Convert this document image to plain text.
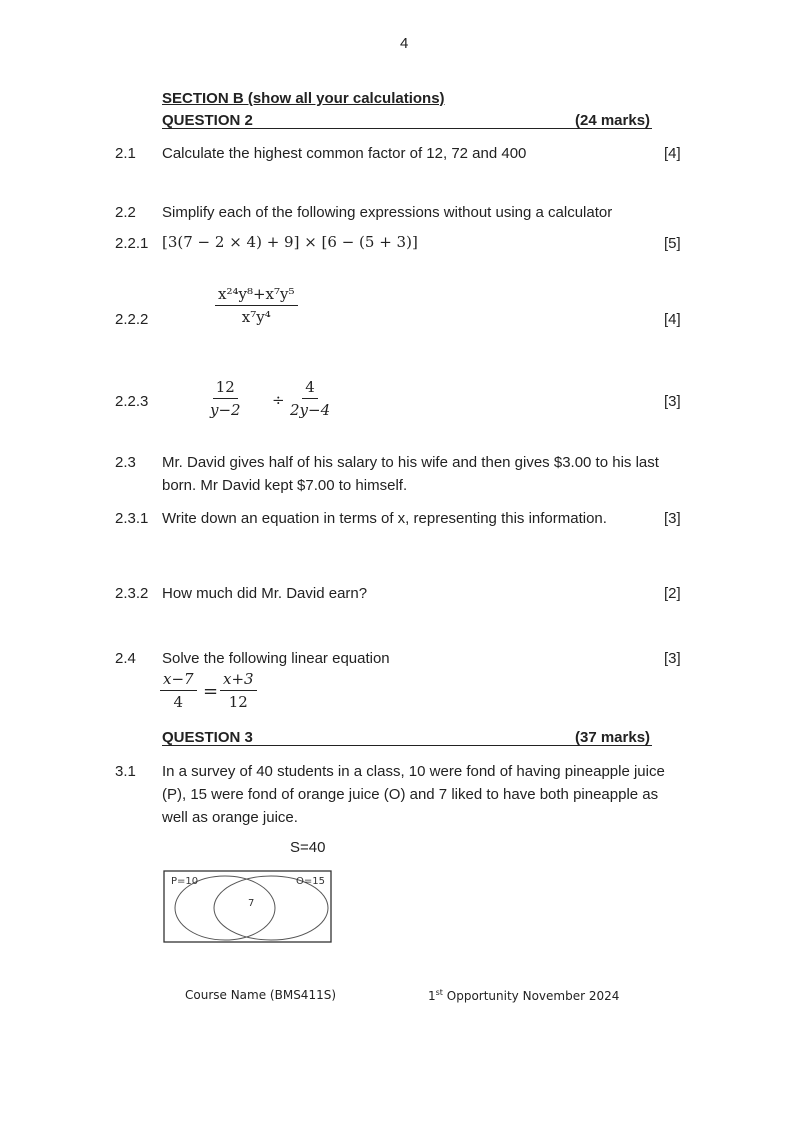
4
SECTION B (show all your calculations)
QUESTION 2	(24 marks)
2.1 Calculate the highest common factor of 12, 72 and 400	[4]
2.2 Simplify each of the following expressions without using a calculator
2.2.1 [3(7 − 2 × 4) + 9] × [6 − (5 + 3)]	[5]
2.2.2	$\frac{\text{x²⁴y⁸+x⁷y⁵}}{\text{x⁷y⁴}}$	[4]
2.2.3	$\frac{12}{y-2} \div \frac{4}{2y-4}$	[3]
2.3 Mr. David gives half of his salary to his wife and then gives $3.00 to his last
born. Mr David kept $7.00 to himself.
2.3.1 Write down an equation in terms of x, representing this information.	[3]
2.3.2 How much did Mr. David earn?	[2]
2.4 Solve the following linear equation	[3]
$\frac{x-7}{4} = \frac{x+3}{12}$
QUESTION 3	(37 marks)
3.1 In a survey of 40 students in a class, 10 were fond of having pineapple juice
(P), 15 were fond of orange juice (O) and 7 liked to have both pineapple as
well as orange juice.
S=40
P=10	O=15
7
Course Name (BMS411S)	1st Opportunity November 2024
